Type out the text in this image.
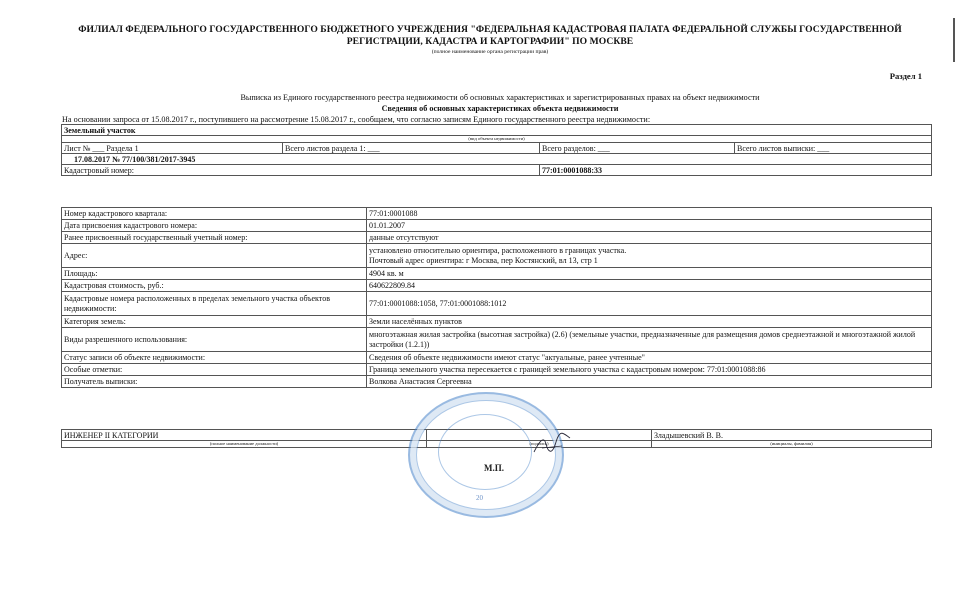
ФИЛИАЛ ФЕДЕРАЛЬНОГО ГОСУДАРСТВЕННОГО БЮДЖЕТНОГО УЧРЕЖДЕНИЯ "ФЕДЕРАЛЬНАЯ КАДАСТРОВАЯ ПАЛАТА ФЕДЕРАЛЬНОЙ СЛУЖБЫ ГОСУДАРСТВЕННОЙ РЕГИСТРАЦИИ, КАДАСТРА И КАРТОГРАФИИ" ПО МОСКВЕ
(полное наименование органа регистрации прав)
Раздел 1
Выписка из Единого государственного реестра недвижимости об основных характеристиках и зарегистрированных правах на объект недвижимости
Сведения об основных характеристиках объекта недвижимости
На основании запроса от 15.08.2017 г., поступившего на рассмотрение 15.08.2017 г., сообщаем, что согласно записям Единого государственного реестра недвижимости:
Земельный участок			
(вид объекта недвижимости)			
Лист № ___ Раздела 1	Всего листов раздела 1: ___	Всего разделов: ___	Всего листов выписки: ___
17.08.2017 № 77/100/381/2017-3945			
Кадастровый номер:		77:01:0001088:33	
Номер кадастрового квартала:	77:01:0001088
Дата присвоения кадастрового номера:	01.01.2007
Ранее присвоенный государственный учетный номер:	данные отсутствуют
Адрес:	установлено относительно ориентира, расположенного в границах участка.
Почтовый адрес ориентира: г Москва, пер Костянский, вл 13, стр 1

Площадь:	4904 кв. м
Кадастровая стоимость, руб.:	640622809.84
Кадастровые номера расположенных в пределах земельного участка объектов недвижимости:	77:01:0001088:1058, 77:01:0001088:1012
Категория земель:	Земли населённых пунктов
Виды разрешенного использования:	многоэтажная жилая застройка (высотная застройка) (2.6) (земельные участки, предназначенные для размещения домов среднеэтажной и многоэтажной жилой застройки (1.2.1))
Статус записи об объекте недвижимости:	Сведения об объекте недвижимости имеют статус "актуальные, ранее учтенные"
Особые отметки:	Граница земельного участка пересекается с границей земельного участка с кадастровым номером: 77:01:0001088:86
Получатель выписки:	Волкова Анастасия Сергеевна
ИНЖЕНЕР II КАТЕГОРИИ		Зладышевский В. В.
(полное наименование должности)	(подпись)	(инициалы, фамилия)
20
М.П.
